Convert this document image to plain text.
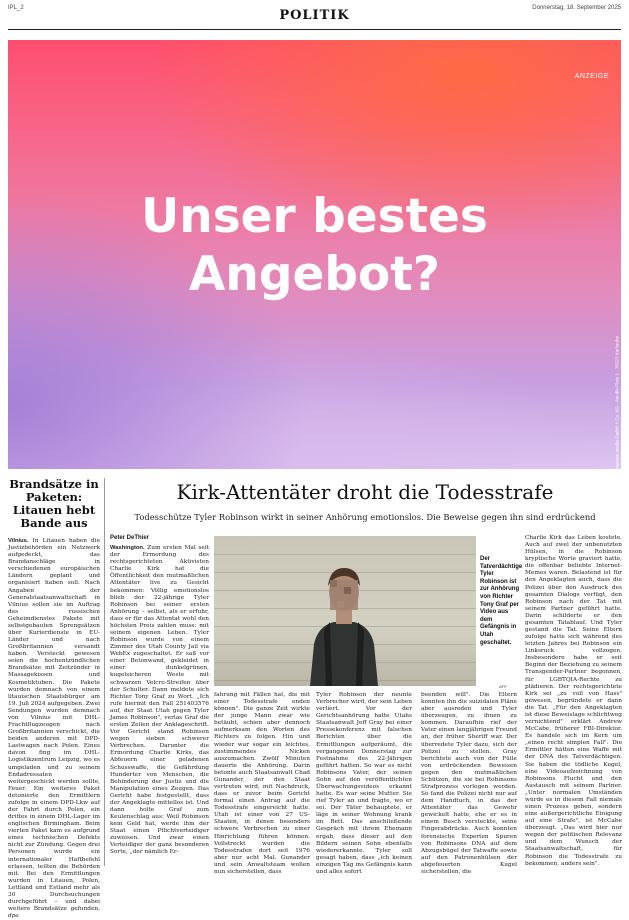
IPL_2	POLITIK	Donnerstag, 18. September 2025
ANZEIGE
Unser bestes
Angebot?
dfv dialogware media GmbH + Co. KG · Am dfv-Platz 1 · 76227 Karlsruhe
Brandsätze in Paketen: Litauen hebt Bande aus
Vilnius. In Litauen haben die Justizbehörden ein Netzwerk aufgedeckt, das Brandanschläge in verschiedenen europäischen Ländern geplant und organisiert haben soll. Nach Angaben der Generalstaatsanwaltschaft in Vilnius sollen sie im Auftrag des russischen Geheimdienstes Pakete mit selbstgebauten Sprengsätzen über Kurierdienste in EU-Länder und nach Großbritannien versandt haben. Versteckt gewesen seien die hochentzündlichen Brandsätze mit Zeitzünder in Massagekissen und Kosmetiktuben. Die Pakete wurden demnach von einem litauischen Staatsbürger am 19. Juli 2024 aufgegeben. Zwei Sendungen wurden demnach von Vilnius mit DHL-Frachtflugzeugen nach Großbritannien verschickt, die beiden anderen mit DPD-Lastwagen nach Polen. Eines davon fing im DHL-Logistikzentrum Leipzig, wo es umgeladen und zu seinem Endadressaten weitergeschickt werden sollte, Feuer. Ein weiteres Paket detonierte den Ermittlern zufolge in einem DPD-Lkw auf der Fahrt durch Polen, ein drittes in einem DHL-Lager im englischen Birmingham. Beim vierten Paket kam es aufgrund eines technischen Defekts nicht zur Zündung. Gegen drei Personen wurde ein internationaler Haftbefehl erlassen, teilten die Behörden mit. Bei den Ermittlungen wurden in Litauen, Polen, Lettland und Estland mehr als 30 Durchsuchungen durchgeführt – und dabei weitere Brandsätze gefunden. dpa
Kirk-Attentäter droht die Todesstrafe
Todesschütze Tyler Robinson wirkt in seiner Anhörung emotionslos. Die Beweise gegen ihn sind erdrückend
Peter DeThier
Washington. Zum ersten Mal seit der Ermordung des rechtsgerichteten Aktivisten Charlie Kirk hat die Öffentlichkeit den mutmaßlichen Attentäter live zu Gesicht bekommen: Völlig emotionslos blieb der 22-jährige Tyler Robinson bei seiner ersten Anhörung – selbst, als er erfuhr, dass er für das Attentat wohl den höchsten Preis zahlen muss: mit seinem eigenen Leben. Tyler Robinson wurde von einem Zimmer des Utah County Jail via WebEx zugeschaltet. Er saß vor einer Betonwand, gekleidet in einer dunkelgrünen, kugelsicheren Weste mit schwarzen Velcro-Streifen über der Schulter. Dann meldete sich Richter Tony Graf zu Wort. „Ich rufe hiermit den Fall 251403576 auf, der Staat Utah gegen Tyler James Robinson", verlas Graf die ersten Zeilen der Anklageschrift. Vor Gericht stand Robinson wegen sieben schwerer Verbrechen. Darunter die Ermordung Charlie Kirks, das Abfeuern einer geladenen Schusswaffe, die Gefährdung Hunderter von Menschen, die Behinderung der Justiz und die Manipulation eines Zeugen. Das Gericht habe festgestellt, dass der Angeklagte mittellos ist. Und dann holte Graf zum Keulenschlag aus: Weil Robinson kein Geld hat, werde ihm der Staat einen Pflichtverteidiger zuweisen. Und zwar einen Verteidiger der ganz besonderen Sorte, „der nämlich Er-
AFP
Der Tatverdächtige Tyler Robinson ist zur Anhörung von Richter Tony Graf per Video aus dem Gefängnis in Utah geschaltet.
fahrung mit Fällen hat, die mit einer Todesstrafe enden können". Die ganze Zeit wirkte der junge Mann zwar wie betäubt, schien aber dennoch aufmerksam den Worten des Richters zu folgen. Hin und wieder war sogar ein leichtes, zustimmendes Nicken auszumachen. Zwölf Minuten dauerte die Anhörung. Darin betonte auch Staatsanwalt Chad Gunander, der den Staat vertreten wird, mit Nachdruck, dass er zuvor beim Gericht formal einen Antrag auf die Todesstrafe eingereicht hatte. Utah ist einer von 27 US-Staaten, in denen besonders schwere Verbrechen zu einer Hinrichtung führen können. Vollstreckt wurden die Todesstrafen dort seit 1976 aber nur acht Mal. Gunander und sein Anwaltsteam wollen nun sicherstellen, dass
Tyler Robinson der neunte Verbrecher wird, der sein Leben verliert. Vor der Gerichtsanhörung hatte Utahs Staatsanwalt Jeff Gray bei einer Pressekonferenz mit falschen Berichten über die Ermittlungen aufgeräumt, die vergangenen Donnerstag zur Festnahme des 22-Jährigen geführt hatten. So war es nicht Robinsons Vater, der seinen Sohn auf den veröffentlichten Überwachungsvideos erkannt hatte. Es war seine Mutter. Sie rief Tyler an und fragte, wo er sei. Der Täter behauptete, er läge in seiner Wohnung krank im Bett. Das anschließende Gespräch mit ihrem Ehemann ergab, dass dieser auf den Bildern seinen Sohn ebenfalls wiedererkannte. Tyler soll gesagt haben, dass „ich keinen einzigen Tag ins Gefängnis kann und alles sofort
beenden will". Die Eltern konnten ihn die suizidalen Pläne aber ausreden und Tyler überzeugen, zu ihnen zu kommen. Daraufhin rief der Vater einen langjährigen Freund an, der früher Sheriff war. Der überredete Tyler dazu, sich der Polizei zu stellen. Gray berichtete auch von der Fülle von erdrückenden Beweisen gegen den mutmaßlichen Schützen, die sie bei Robinsons Strafprozess vorlegen werden. So fand die Polizei nicht nur auf dem Handtuch, in das der Attentäter das Gewehr gewickelt hatte, ehe er es in einem Busch versteckte, seine Fingerabdrücke. Auch konnten forensische Experten Spuren von Robinsons DNA auf dem Abzugsbügel der Tatwaffe sowie auf den Patronenhülsen der abgefeuerten Kugel sicherstellen, die
Charlie Kirk das Leben kostete. Auch auf zwei der unbenutzten Hülsen, in die Robinson kryptische Worte graviert hatte, die offenbar beliebte Internet-Memes waren. Belastend ist für den Angeklagten auch, dass die Polizei über den Ausdruck des gesamten Dialogs verfügt, den Robinson nach der Tat mit seinem Partner geführt hatte. Darin schilderte er den gesamten Tatablauf. Und Tyler gestand die Tat. Seine Eltern zufolge hatte sich während des letzten Jahres bei Robinson ein Linksruck vollzogen. Insbesondere habe er seit Beginn der Beziehung zu seinem Transgender-Partner begonnen, für LGBTQIA-Rechte zu plädieren. Der rechtsgerichtete Kirk sei „zu voll von Hass" gewesen, begründete er dann die Tat. „Für den Angeklagten ist diese Beweislage schlichtweg vernichtend" erklärt Andrew McCabe, früherer FBI-Direktor. Es handele sich im Kern um „einen recht simplen Fall". Die Ermittler hätten eine Waffe mit der DNA des Tatverdächtigen. Sie haben die tödliche Kugel, eine Videoaufzeichnung von Robinsons Flucht und den Austausch mit seinem Partner. „Unter normalen Umständen würde es in diesem Fall niemals einen Prozess geben, sondern eine außergerichtliche Einigung auf eine Strafe", ist McCabe überzeugt. „Das wird hier nur wegen der politischen Relevanz und dem Wunsch der Staatsanwaltschaft, für Robinson die Todesstrafe zu bekommen, anders sein".
